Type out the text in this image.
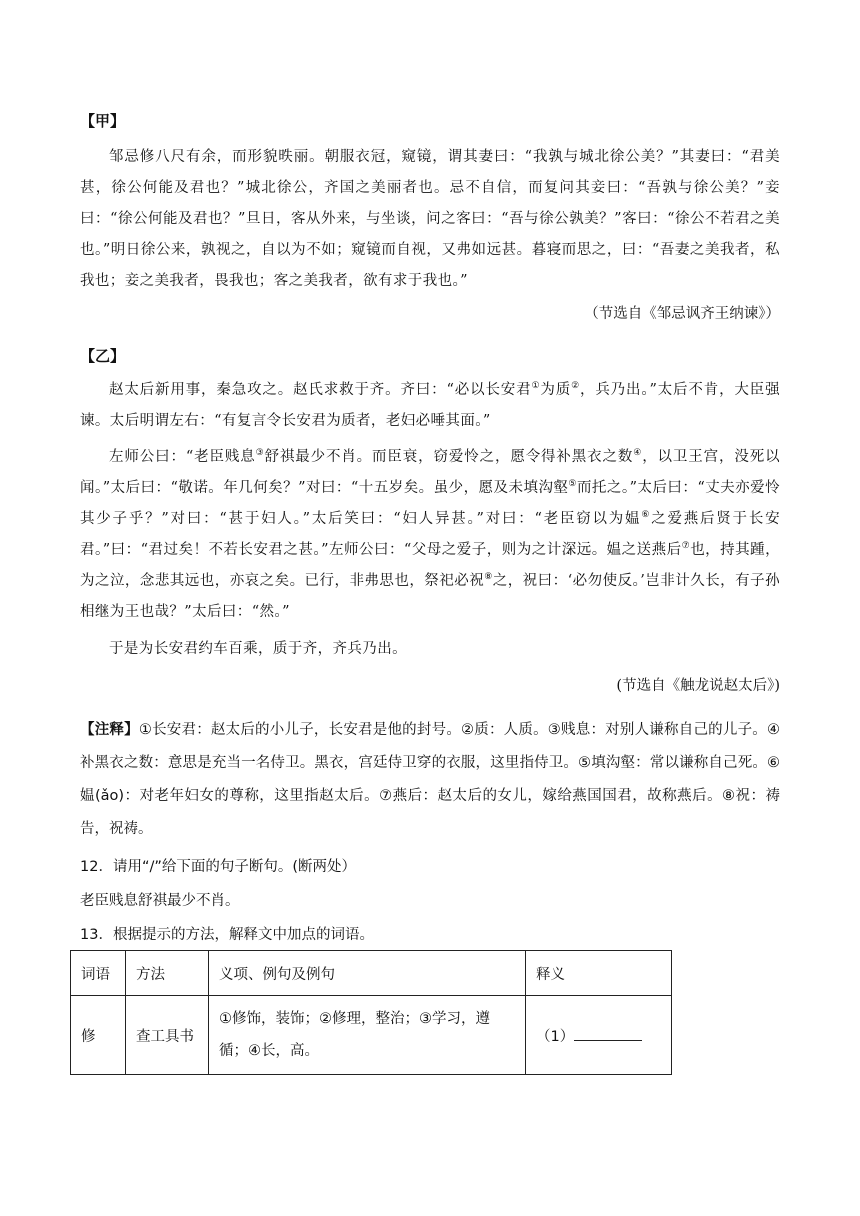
【甲】

邹忌修八尺有余，而形貌昳丽。朝服衣冠，窥镜，谓其妻曰：“我孰与城北徐公美？”其妻曰：“君美甚，徐公何能及君也？”城北徐公，齐国之美丽者也。忌不自信，而复问其妾曰：“吾孰与徐公美？”妾曰：“徐公何能及君也？”旦日，客从外来，与坐谈，问之客曰：“吾与徐公孰美？”客曰：“徐公不若君之美也。”明日徐公来，孰视之，自以为不如；窥镜而自视，又弗如远甚。暮寝而思之，曰：“吾妻之美我者，私我也；妾之美我者，畏我也；客之美我者，欲有求于我也。”

（节选自《邹忌讽齐王纳谏》）

【乙】

赵太后新用事，秦急攻之。赵氏求救于齐。齐曰：“必以长安君①为质②，兵乃出。”太后不肯，大臣强谏。太后明谓左右：“有复言令长安君为质者，老妇必唾其面。”

左师公曰：“老臣贱息③舒祺最少不肖。而臣衰，窃爱怜之，愿令得补黑衣之数④，以卫王宫，没死以闻。”太后曰：“敬诺。年几何矣？”对曰：“十五岁矣。虽少，愿及未填沟壑⑤而托之。”太后曰：“丈夫亦爱怜其少子乎？”对曰：“甚于妇人。”太后笑曰：“妇人异甚。”对曰：“老臣窃以为媪⑥之爱燕后贤于长安君。”曰：“君过矣！不若长安君之甚。”左师公曰：“父母之爱子，则为之计深远。媪之送燕后⑦也，持其踵，为之泣，念悲其远也，亦哀之矣。已行，非弗思也，祭祀必祝⑧之，祝曰：‘必勿使反。’岂非计久长，有子孙相继为王也哉？”太后曰：“然。”

于是为长安君约车百乘，质于齐，齐兵乃出。

(节选自《触龙说赵太后》)

【注释】①长安君：赵太后的小儿子，长安君是他的封号。②质：人质。③贱息：对别人谦称自己的儿子。④补黑衣之数：意思是充当一名侍卫。黑衣，宫廷侍卫穿的衣服，这里指侍卫。⑤填沟壑：常以谦称自己死。⑥媪(ǎo)：对老年妇女的尊称，这里指赵太后。⑦燕后：赵太后的女儿，嫁给燕国国君，故称燕后。⑧祝：祷告，祝祷。

12．请用“/”给下面的句子断句。(断两处）

老臣贱息舒祺最少不肖。

13．根据提示的方法，解释文中加点的词语。

词语	方法	义项、例句及例句	释义
修	查工具书	①修饰，装饰；②修理，整治；③学习，遵循；④长，高。	（1）
